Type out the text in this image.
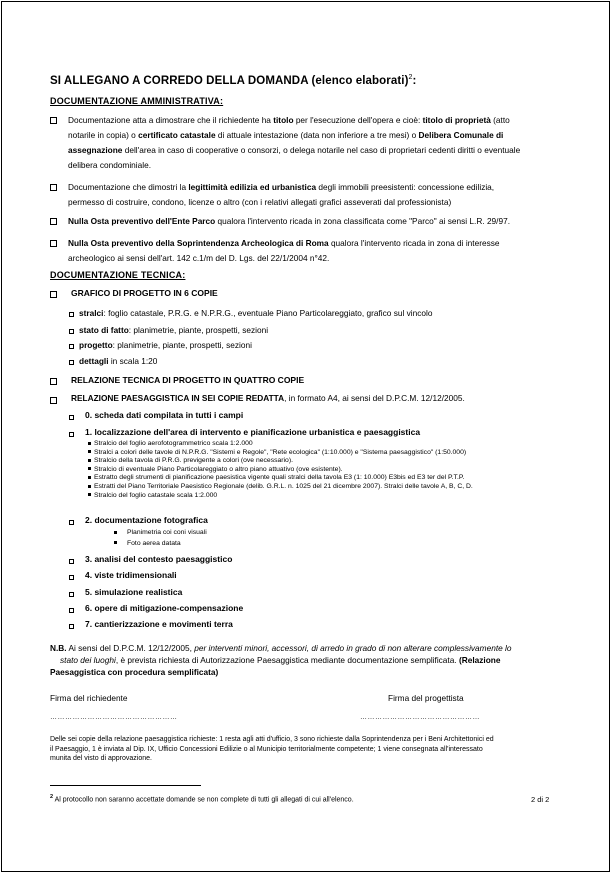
SI ALLEGANO A CORREDO DELLA DOMANDA (elenco elaborati)$^2$:
DOCUMENTAZIONE AMMINISTRATIVA:
Documentazione atta a dimostrare che il richiedente ha titolo per l'esecuzione dell'opera e cioè: titolo di proprietà (atto
notarile in copia) o certificato catastale di attuale intestazione (data non inferiore a tre mesi) o Delibera Comunale di
assegnazione dell'area in caso di cooperative o consorzi, o delega notarile nel caso di proprietari cedenti diritti o eventuale
delibera condominiale.
Documentazione che dimostri la legittimità edilizia ed urbanistica degli immobili preesistenti: concessione edilizia,
permesso di costruire, condono, licenze o altro (con i relativi allegati grafici asseverati dal professionista)
Nulla Osta preventivo dell'Ente Parco qualora l'intervento ricada in zona classificata come "Parco" ai sensi L.R. 29/97.
Nulla Osta preventivo della Soprintendenza Archeologica di Roma qualora l'intervento ricada in zona di interesse
archeologico ai sensi dell'art. 142 c.1/m del D. Lgs. del 22/1/2004 n°42.
DOCUMENTAZIONE TECNICA:
GRAFICO DI PROGETTO IN 6 COPIE
stralci: foglio catastale, P.R.G. e N.P.R.G., eventuale Piano Particolareggiato, grafico sul vincolo
stato di fatto: planimetrie, piante, prospetti, sezioni
progetto: planimetrie, piante, prospetti, sezioni
dettagli in scala 1:20
RELAZIONE TECNICA DI PROGETTO IN QUATTRO COPIE
RELAZIONE PAESAGGISTICA IN SEI COPIE REDATTA, in formato A4, ai sensi del D.P.C.M. 12/12/2005.
0. scheda dati compilata in tutti i campi
1. localizzazione dell'area di intervento e pianificazione urbanistica e paesaggistica
Stralcio del foglio aerofotogrammetrico scala 1:2.000
Stralci a colori delle tavole di N.P.R.G. "Sistemi e Regole", "Rete ecologica" (1:10.000) e "Sistema paesaggistico" (1:50.000)
Stralcio della tavola di P.R.G. previgente a colori (ove necessario).
Stralcio di eventuale Piano Particolareggiato o altro piano attuativo (ove esistente).
Estratto degli strumenti di pianificazione paesistica vigente quali stralci della tavola E3 (1: 10.000) E3bis ed E3 ter del P.T.P.
Estratti del Piano Territoriale Paesistico Regionale (delib. G.R.L. n. 1025 del 21 dicembre 2007). Stralci delle tavole A, B, C, D.
Stralcio del foglio catastale scala 1:2.000
2. documentazione fotografica
Planimetria coi coni visuali
Foto aerea datata
3. analisi del contesto paesaggistico
4. viste tridimensionali
5. simulazione realistica
6. opere di mitigazione-compensazione
7. cantierizzazione e movimenti terra
N.B. Ai sensi del D.P.C.M. 12/12/2005, per interventi minori, accessori, di arredo in grado di non alterare complessivamente lo
stato dei luoghi, è prevista richiesta di Autorizzazione Paesaggistica mediante documentazione semplificata. (Relazione
Paesaggistica con procedura semplificata)
Firma del richiedente	Firma del progettista
……………………………………………	…………………………………………
Delle sei copie della relazione paesaggistica richieste: 1 resta agli atti d'ufficio, 3 sono richieste dalla Soprintendenza per i Beni Architettonici ed
il Paesaggio, 1 è inviata al Dip. IX, Ufficio Concessioni Edilizie o al Municipio territorialmente competente; 1 viene consegnata all'interessato
munita del visto di approvazione.
$^2$ Al protocollo non saranno accettate domande se non complete di tutti gli allegati di cui all'elenco.	2 di 2
